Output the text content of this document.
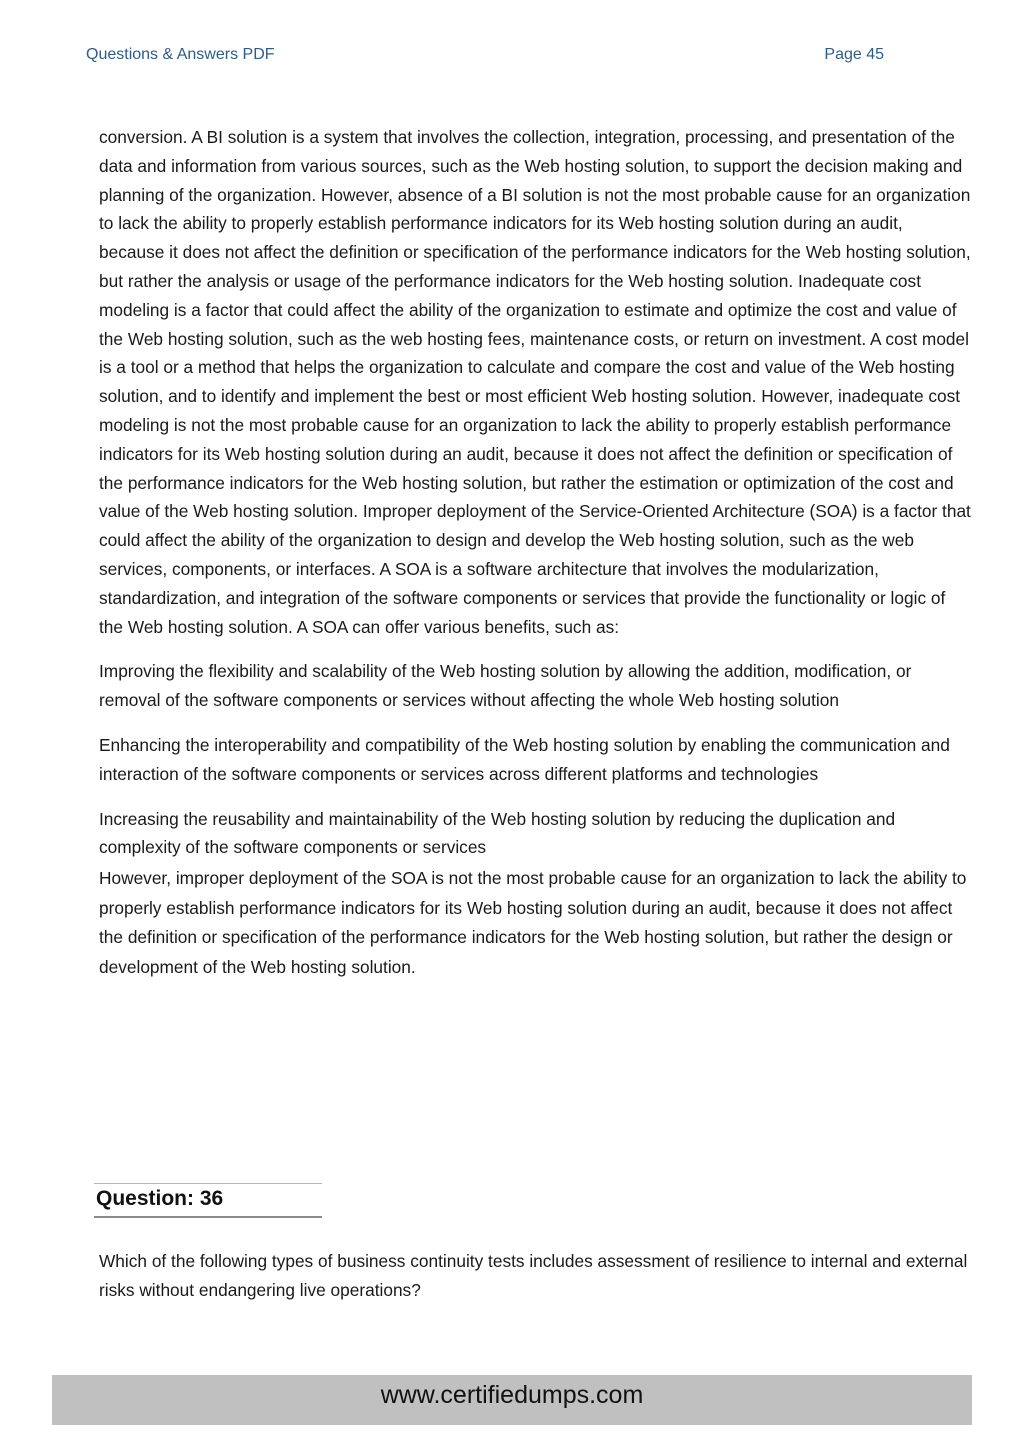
Questions & Answers PDF	Page 45

conversion. A BI solution is a system that involves the collection, integration, processing, and presentation of the data and information from various sources, such as the Web hosting solution, to support the decision making and planning of the organization. However, absence of a BI solution is not the most probable cause for an organization to lack the ability to properly establish performance indicators for its Web hosting solution during an audit, because it does not affect the definition or specification of the performance indicators for the Web hosting solution, but rather the analysis or usage of the performance indicators for the Web hosting solution. Inadequate cost modeling is a factor that could affect the ability of the organization to estimate and optimize the cost and value of the Web hosting solution, such as the web hosting fees, maintenance costs, or return on investment. A cost model is a tool or a method that helps the organization to calculate and compare the cost and value of the Web hosting solution, and to identify and implement the best or most efficient Web hosting solution. However, inadequate cost modeling is not the most probable cause for an organization to lack the ability to properly establish performance indicators for its Web hosting solution during an audit, because it does not affect the definition or specification of the performance indicators for the Web hosting solution, but rather the estimation or optimization of the cost and value of the Web hosting solution. Improper deployment of the Service-Oriented Architecture (SOA) is a factor that could affect the ability of the organization to design and develop the Web hosting solution, such as the web services, components, or interfaces. A SOA is a software architecture that involves the modularization, standardization, and integration of the software components or services that provide the functionality or logic of the Web hosting solution. A SOA can offer various benefits, such as:

Improving the flexibility and scalability of the Web hosting solution by allowing the addition, modification, or removal of the software components or services without affecting the whole Web hosting solution

Enhancing the interoperability and compatibility of the Web hosting solution by enabling the communication and interaction of the software components or services across different platforms and technologies

Increasing the reusability and maintainability of the Web hosting solution by reducing the duplication and complexity of the software components or services

However, improper deployment of the SOA is not the most probable cause for an organization to lack the ability to properly establish performance indicators for its Web hosting solution during an audit, because it does not affect the definition or specification of the performance indicators for the Web hosting solution, but rather the design or development of the Web hosting solution.

Question: 36

Which of the following types of business continuity tests includes assessment of resilience to internal and external risks without endangering live operations?

www.certifiedumps.com
